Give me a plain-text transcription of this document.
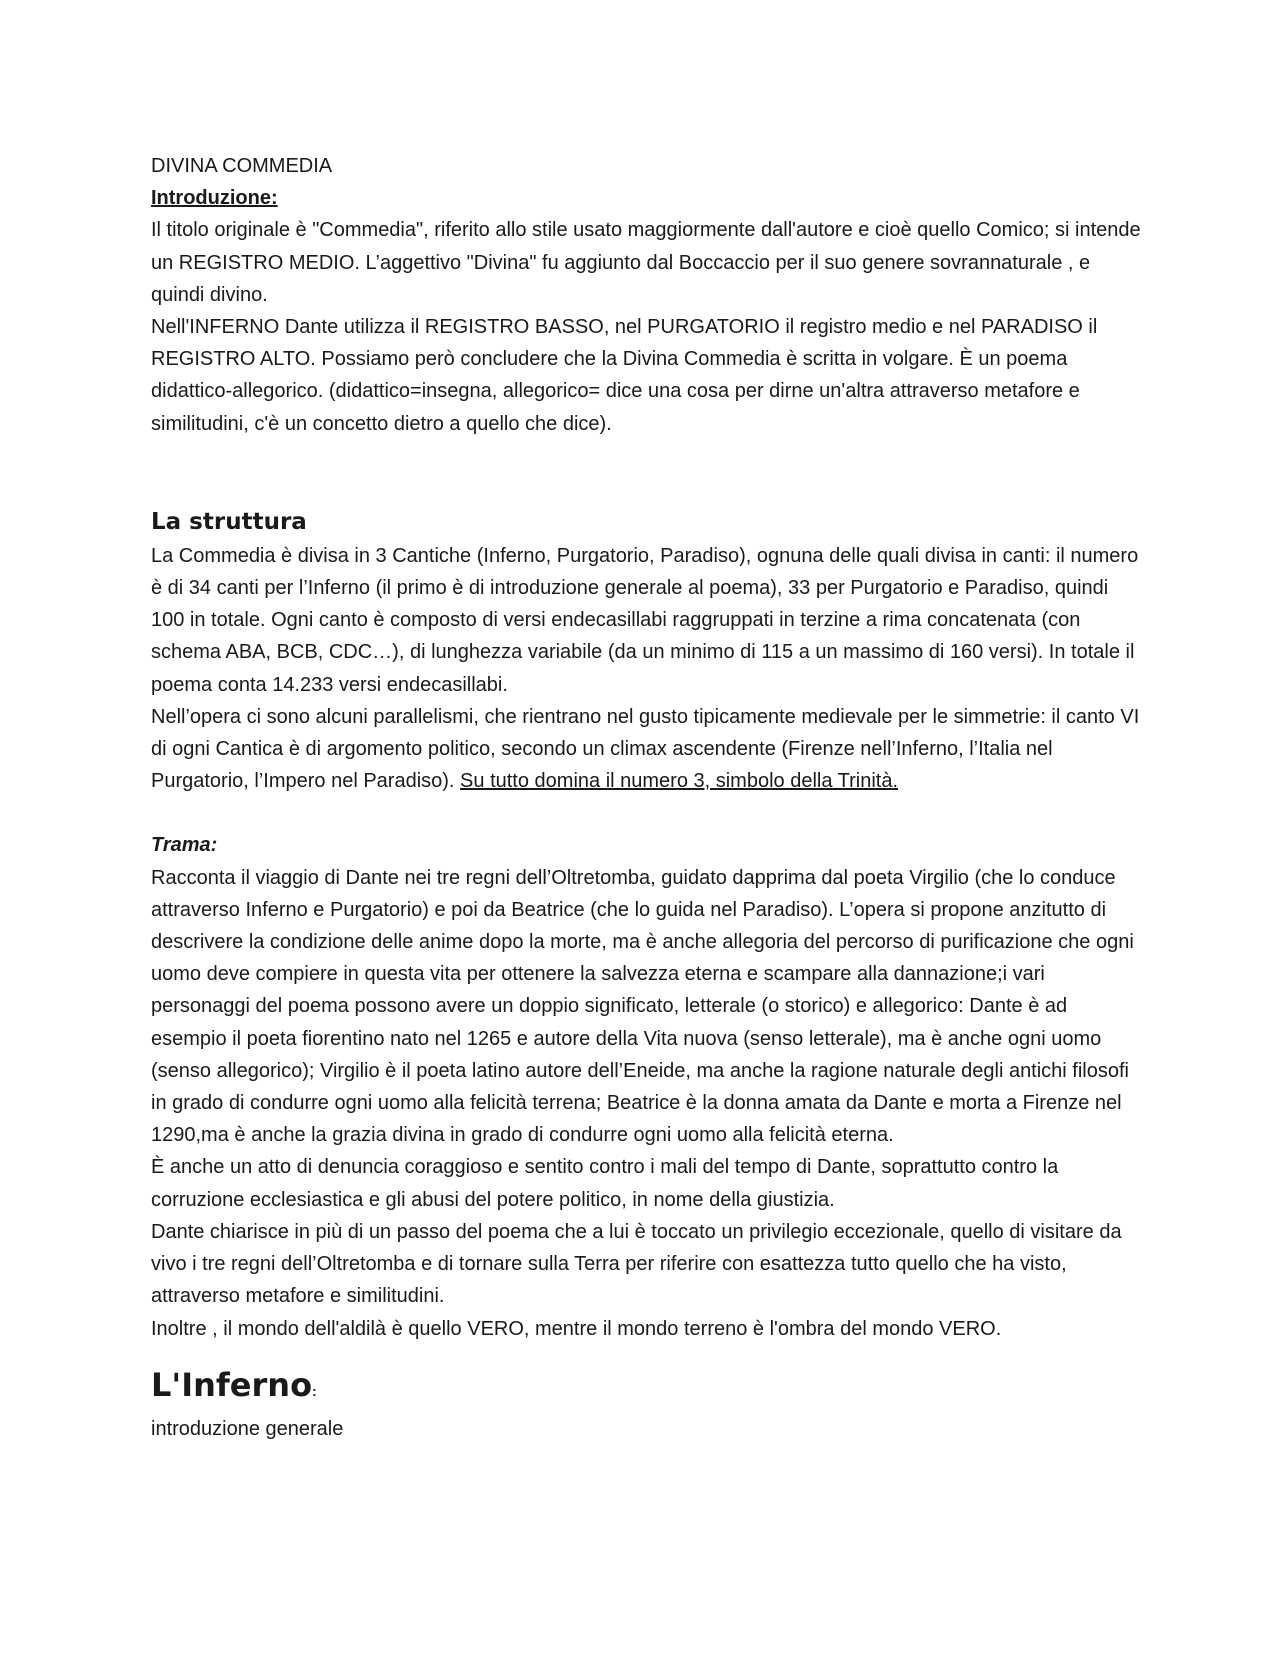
DIVINA COMMEDIA

Introduzione:

Il titolo originale è "Commedia", riferito allo stile usato maggiormente dall'autore e cioè quello Comico; si intende un REGISTRO MEDIO. L’aggettivo "Divina" fu aggiunto dal Boccaccio per il suo genere sovrannaturale , e quindi divino.

Nell'INFERNO Dante utilizza il REGISTRO BASSO, nel PURGATORIO il registro medio e nel PARADISO il REGISTRO ALTO. Possiamo però concludere che la Divina Commedia è scritta in volgare. È un poema didattico-allegorico. (didattico=insegna, allegorico= dice una cosa per dirne un'altra attraverso metafore e similitudini, c'è un concetto dietro a quello che dice).

La struttura

La Commedia è divisa in 3 Cantiche (Inferno, Purgatorio, Paradiso), ognuna delle quali divisa in canti: il numero è di 34 canti per l’Inferno (il primo è di introduzione generale al poema), 33 per Purgatorio e Paradiso, quindi 100 in totale. Ogni canto è composto di versi endecasillabi raggruppati in terzine a rima concatenata (con schema ABA, BCB, CDC…), di lunghezza variabile (da un minimo di 115 a un massimo di 160 versi). In totale il poema conta 14.233 versi endecasillabi.

Nell’opera ci sono alcuni parallelismi, che rientrano nel gusto tipicamente medievale per le simmetrie: il canto VI di ogni Cantica è di argomento politico, secondo un climax ascendente (Firenze nell’Inferno, l’Italia nel Purgatorio, l’Impero nel Paradiso). Su tutto domina il numero 3, simbolo della Trinità.

Trama:

Racconta il viaggio di Dante nei tre regni dell’Oltretomba, guidato dapprima dal poeta Virgilio (che lo conduce attraverso Inferno e Purgatorio) e poi da Beatrice (che lo guida nel Paradiso). L’opera si propone anzitutto di descrivere la condizione delle anime dopo la morte, ma è anche allegoria del percorso di purificazione che ogni uomo deve compiere in questa vita per ottenere la salvezza eterna e scampare alla dannazione;i vari personaggi del poema possono avere un doppio significato, letterale (o storico) e allegorico: Dante è ad esempio il poeta fiorentino nato nel 1265 e autore della Vita nuova (senso letterale), ma è anche ogni uomo (senso allegorico); Virgilio è il poeta latino autore dell’Eneide, ma anche la ragione naturale degli antichi filosofi in grado di condurre ogni uomo alla felicità terrena; Beatrice è la donna amata da Dante e morta a Firenze nel 1290,ma è anche la grazia divina in grado di condurre ogni uomo alla felicità eterna.

È anche un atto di denuncia coraggioso e sentito contro i mali del tempo di Dante, soprattutto contro la corruzione ecclesiastica e gli abusi del potere politico, in nome della giustizia.

Dante chiarisce in più di un passo del poema che a lui è toccato un privilegio eccezionale, quello di visitare da vivo i tre regni dell’Oltretomba e di tornare sulla Terra per riferire con esattezza tutto quello che ha visto, attraverso metafore e similitudini.

Inoltre , il mondo dell'aldilà è quello VERO, mentre il mondo terreno è l'ombra del mondo VERO.

L'Inferno:

introduzione generale
